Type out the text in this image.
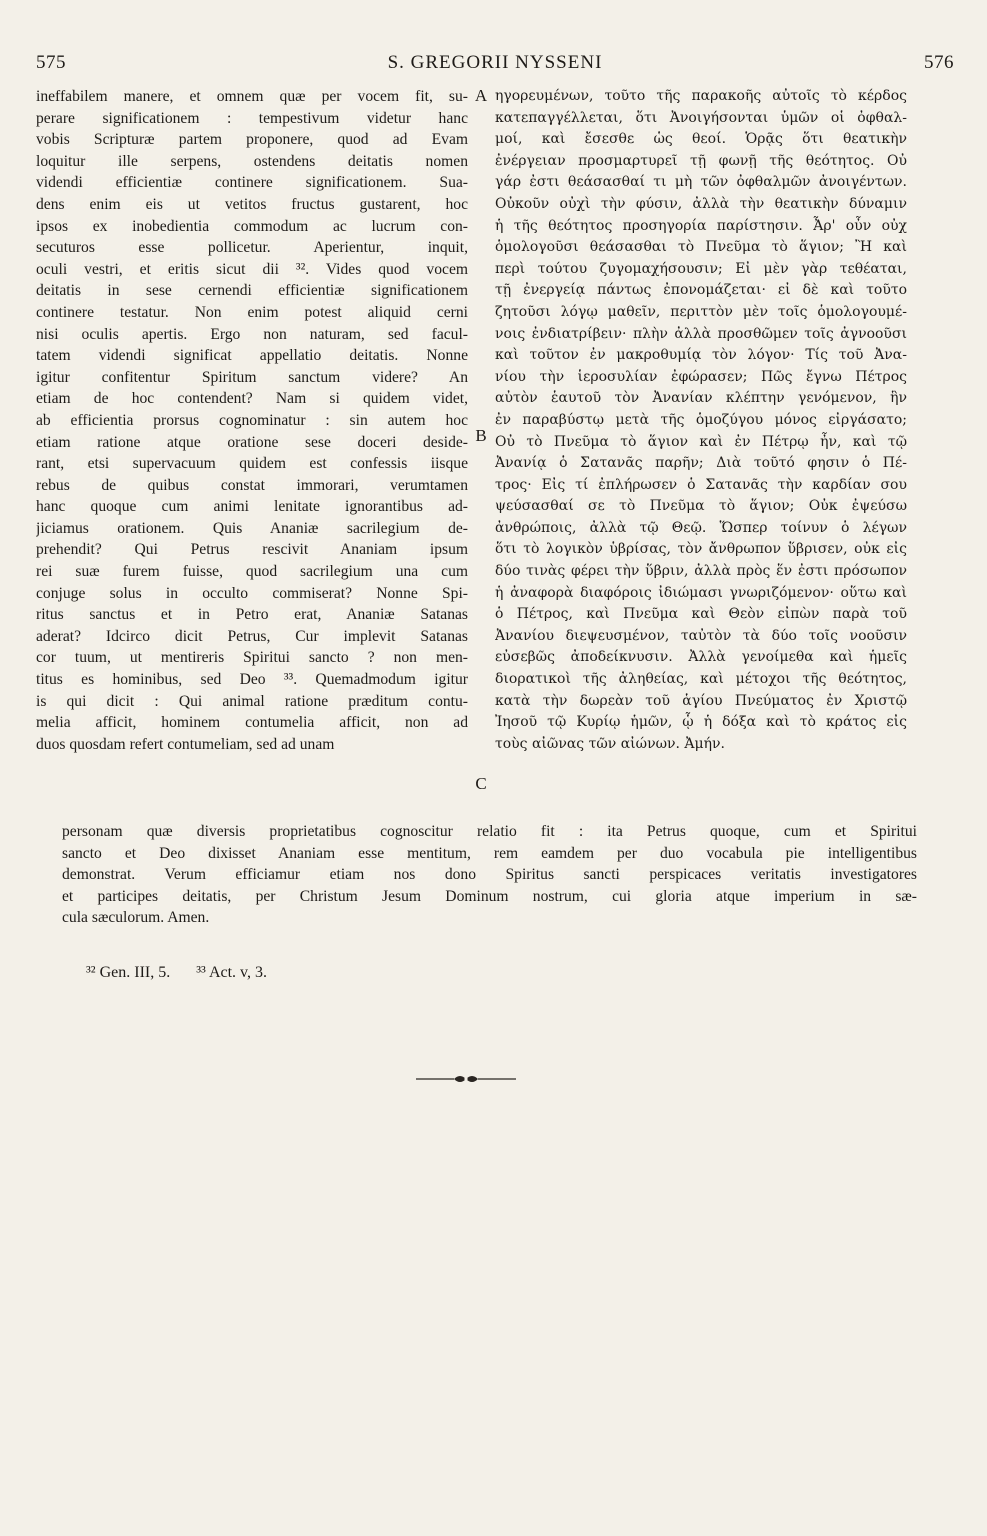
575	S. GREGORII NYSSENI	576
ineffabilem manere, et omnem quæ per vocem fit, su-
perare significationem : tempestivum videtur hanc
vobis Scripturæ partem proponere, quod ad Evam
loquitur ille serpens, ostendens deitatis nomen
videndi efficientiæ continere significationem. Sua-
dens enim eis ut vetitos fructus gustarent, hoc
ipsos ex inobedientia commodum ac lucrum con-
secuturos esse pollicetur. Aperientur, inquit,
oculi vestri, et eritis sicut dii ³². Vides quod vocem
deitatis in sese cernendi efficientiæ significationem
continere testatur. Non enim potest aliquid cerni
nisi oculis apertis. Ergo non naturam, sed facul-
tatem videndi significat appellatio deitatis. Nonne
igitur confitentur Spiritum sanctum videre? An
etiam de hoc contendent? Nam si quidem videt,
ab efficientia prorsus cognominatur : sin autem hoc
etiam ratione atque oratione sese doceri deside-
rant, etsi supervacuum quidem est confessis iisque
rebus de quibus constat immorari, verumtamen
hanc quoque cum animi lenitate ignorantibus ad-
jiciamus orationem. Quis Ananiæ sacrilegium de-
prehendit? Qui Petrus rescivit Ananiam ipsum
rei suæ furem fuisse, quod sacrilegium una cum
conjuge solus in occulto commiserat? Nonne Spi-
ritus sanctus et in Petro erat, Ananiæ Satanas
aderat? Idcirco dicit Petrus, Cur implevit Satanas
cor tuum, ut mentireris Spiritui sancto ? non men-
titus es hominibus, sed Deo ³³. Quemadmodum igitur
is qui dicit : Qui animal ratione præditum contu-
melia afficit, hominem contumelia afficit, non ad
duos quosdam refert contumeliam, sed ad unam
A
B
C
ηγορευμένων, τοῦτο τῆς παρακοῆς αὐτοῖς τὸ κέρδος
κατεπαγγέλλεται, ὅτι Ἀνοιγήσονται ὑμῶν οἱ ὀφθαλ-
μοί, καὶ ἔσεσθε ὡς θεοί. Ὁρᾷς ὅτι θεατικὴν
ἐνέργειαν προσμαρτυρεῖ τῇ φωνῇ τῆς θεότητος. Οὐ
γάρ ἐστι θεάσασθαί τι μὴ τῶν ὀφθαλμῶν ἀνοιγέντων.
Οὐκοῦν οὐχὶ τὴν φύσιν, ἀλλὰ τὴν θεατικὴν δύναμιν
ἡ τῆς θεότητος προσηγορία παρίστησιν. Ἆρ' οὖν οὐχ
ὁμολογοῦσι θεάσασθαι τὸ Πνεῦμα τὸ ἅγιον; Ἢ καὶ
περὶ τούτου ζυγομαχήσουσιν; Εἰ μὲν γὰρ τεθέαται,
τῇ ἐνεργείᾳ πάντως ἐπονομάζεται· εἰ δὲ καὶ τοῦτο
ζητοῦσι λόγῳ μαθεῖν, περιττὸν μὲν τοῖς ὁμολογουμέ-
νοις ἐνδιατρίβειν· πλὴν ἀλλὰ προσθῶμεν τοῖς ἀγνοοῦσι
καὶ τοῦτον ἐν μακροθυμίᾳ τὸν λόγον· Τίς τοῦ Ἀνα-
νίου τὴν ἱεροσυλίαν ἐφώρασεν; Πῶς ἔγνω Πέτρος
αὐτὸν ἑαυτοῦ τὸν Ἀνανίαν κλέπτην γενόμενον, ἣν
ἐν παραβύστῳ μετὰ τῆς ὁμοζύγου μόνος εἰργάσατο;
Οὐ τὸ Πνεῦμα τὸ ἅγιον καὶ ἐν Πέτρῳ ἦν, καὶ τῷ
Ἀνανίᾳ ὁ Σατανᾶς παρῆν; Διὰ τοῦτό φησιν ὁ Πέ-
τρος· Εἰς τί ἐπλήρωσεν ὁ Σατανᾶς τὴν καρδίαν σου
ψεύσασθαί σε τὸ Πνεῦμα τὸ ἅγιον; Οὐκ ἐψεύσω
ἀνθρώποις, ἀλλὰ τῷ Θεῷ. Ὥσπερ τοίνυν ὁ λέγων
ὅτι τὸ λογικὸν ὑβρίσας, τὸν ἄνθρωπον ὕβρισεν, οὐκ εἰς
δύο τινὰς φέρει τὴν ὕβριν, ἀλλὰ πρὸς ἕν ἐστι πρόσωπον
ἡ ἀναφορὰ διαφόροις ἰδιώμασι γνωριζόμενον· οὕτω καὶ
ὁ Πέτρος, καὶ Πνεῦμα καὶ Θεὸν εἰπὼν παρὰ τοῦ
Ἀνανίου διεψευσμένον, ταὐτὸν τὰ δύο τοῖς νοοῦσιν
εὐσεβῶς ἀποδείκνυσιν. Ἀλλὰ γενοίμεθα καὶ ἡμεῖς
διορατικοὶ τῆς ἀληθείας, καὶ μέτοχοι τῆς θεότητος,
κατὰ τὴν δωρεὰν τοῦ ἁγίου Πνεύματος ἐν Χριστῷ
Ἰησοῦ τῷ Κυρίῳ ἡμῶν, ᾧ ἡ δόξα καὶ τὸ κράτος εἰς
τοὺς αἰῶνας τῶν αἰώνων. Ἀμήν.
personam quæ diversis proprietatibus cognoscitur relatio fit : ita Petrus quoque, cum et Spiritui
sancto et Deo dixisset Ananiam esse mentitum, rem eamdem per duo vocabula pie intelligentibus
demonstrat. Verum efficiamur etiam nos dono Spiritus sancti perspicaces veritatis investigatores
et participes deitatis, per Christum Jesum Dominum nostrum, cui gloria atque imperium in sæ-
cula sæculorum. Amen.
³² Gen. III, 5. ³³ Act. v, 3.
